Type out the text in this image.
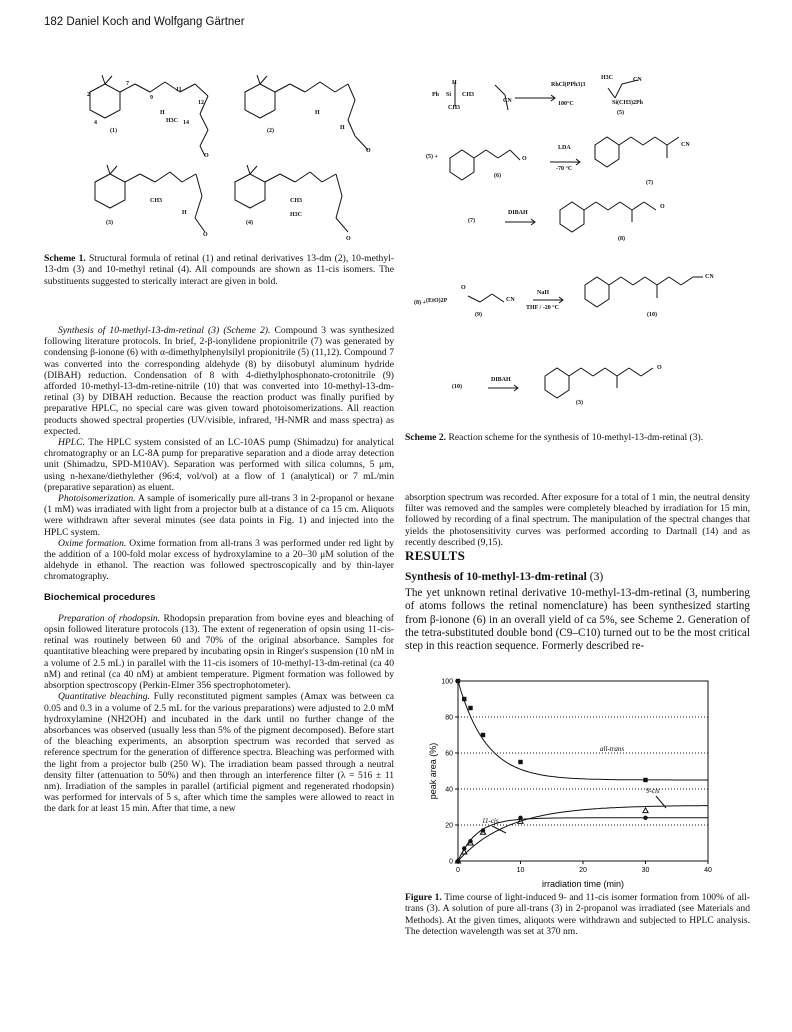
182 Daniel Koch and Wolfgang Gärtner
(1)	(2)
(3)	(4)
O
O
O
O
H3C
CH3	CH3
H3C
H	H
H
H
2
4
7
9
11
12
14
Scheme 1. Structural formula of retinal (1) and retinal derivatives 13-dm (2), 10-methyl-13-dm (3) and 10-methyl retinal (4). All compounds are shown as 11-cis isomers. The substituents suggested to sterically interact are given in bold.

Synthesis of 10-methyl-13-dm-retinal (3) (Scheme 2). Compound 3 was synthesized following literature protocols. In brief, 2-β-ionylidene propionitrile (7) was generated by condensing β-ionone (6) with α-dimethylphenylsilyl propionitrile (5) (11,12). Compound 7 was converted into the corresponding aldehyde (8) by diisobutyl aluminum hydride (DIBAH) reduction. Condensation of 8 with 4-diethylphosphonato-crotonitrile (9) afforded 10-methyl-13-dm-retine-nitrile (10) that was converted into 10-methyl-13-dm-retinal (3) by DIBAH reduction. Because the reaction product was finally purified by preparative HPLC, no special care was given toward photoisomerizations. All reaction products showed spectral properties (UV/visible, infrared, ¹H-NMR and mass spectra) as expected.

HPLC. The HPLC system consisted of an LC-10AS pump (Shimadzu) for analytical chromatography or an LC-8A pump for preparative separation and a diode array detection unit (Shimadzu, SPD-M10AV). Separation was performed with silica columns, 5 μm, using n-hexane/diethylether (96:4, vol/vol) at a flow of 1 (analytical) or 7 mL/min (preparative separation) as eluent.

Photoisomerization. A sample of isomerically pure all-trans 3 in 2-propanol or hexane (1 mM) was irradiated with light from a projector bulb at a distance of ca 15 cm. Aliquots were withdrawn after several minutes (see data points in Fig. 1) and injected into the HPLC system.

Oxime formation. Oxime formation from all-trans 3 was performed under red light by the addition of a 100-fold molar excess of hydroxylamine to a 20–30 μM solution of the aldehyde in ethanol. The reaction was followed spectroscopically and by thin-layer chromatography.

Biochemical procedures

Preparation of rhodopsin. Rhodopsin preparation from bovine eyes and bleaching of opsin followed literature protocols (13). The extent of regeneration of opsin using 11-cis-retinal was routinely between 60 and 70% of the original absorbance. Samples for quantitative bleaching were prepared by incubating opsin in Ringer's suspension (10 nM in a volume of 2.5 mL) in parallel with the 11-cis isomers of 10-methyl-13-dm-retinal (ca 40 nM) and retinal (ca 40 nM) at ambient temperature. Pigment formation was followed by absorption spectroscopy (Perkin-Elmer 356 spectrophotometer).

Quantitative bleaching. Fully reconstituted pigment samples (Amax was between ca 0.05 and 0.3 in a volume of 2.5 mL for the various preparations) were adjusted to 2.0 mM hydroxylamine (NH2OH) and incubated in the dark until no further change of the absorbances was observed (usually less than 5% of the pigment decomposed). Before start of the bleaching experiments, an absorption spectrum was recorded that served as reference spectrum for the generation of difference spectra. Bleaching was performed with the light from a projector bulb (250 W). The irradiation beam passed through a neutral density filter (attenuation to 50%) and then through an interference filter (λ = 516 ± 11 nm). Irradiation of the samples in parallel (artificial pigment and regenerated rhodopsin) was performed for intervals of 5 s, after which time the samples were allowed to react in the dark for at least 15 min. After that time, a new

H
Ph Si CH3
CH3
CN
RhCl(PPh3)3
100°C
H3C	CN
Si(CH3)2Ph
(5)
(5) +	O
(6)
LDA
-70 °C
CN
(7)
(7)
DIBAH
O
(8)
(8) + (EtO)2P
O
CN
(9)
NaH
THF / -20 °C
CN
(10)
(10)
DIBAH
O
(3)
Scheme 2. Reaction scheme for the synthesis of 10-methyl-13-dm-retinal (3).

absorption spectrum was recorded. After exposure for a total of 1 min, the neutral density filter was removed and the samples were completely bleached by irradiation for 15 min, followed by recording of a final spectrum. The manipulation of the spectral changes that yields the photosensitivity curves was performed according to Dartnall (14) and as recently described (9,15).

RESULTS
Synthesis of 10-methyl-13-dm-retinal (3)
The yet unknown retinal derivative 10-methyl-13-dm-retinal (3, numbering of atoms follows the retinal nomenclature) has been synthesized starting from β-ionone (6) in an overall yield of ca 5%, see Scheme 2. Generation of the tetra-substituted double bond (C9–C10) turned out to be the most critical step in this reaction sequence. Formerly described re-
0
20
40
60
80
100
0	10	20	30	40
irradiation time (min)
peak area (%)	all-trans
9-cis
11-cis
Figure 1. Time course of light-induced 9- and 11-cis isomer formation from 100% of all-trans (3). A solution of pure all-trans (3) in 2-propanol was irradiated (see Materials and Methods). At the given times, aliquots were withdrawn and subjected to HPLC analysis. The detection wavelength was set at 370 nm.
